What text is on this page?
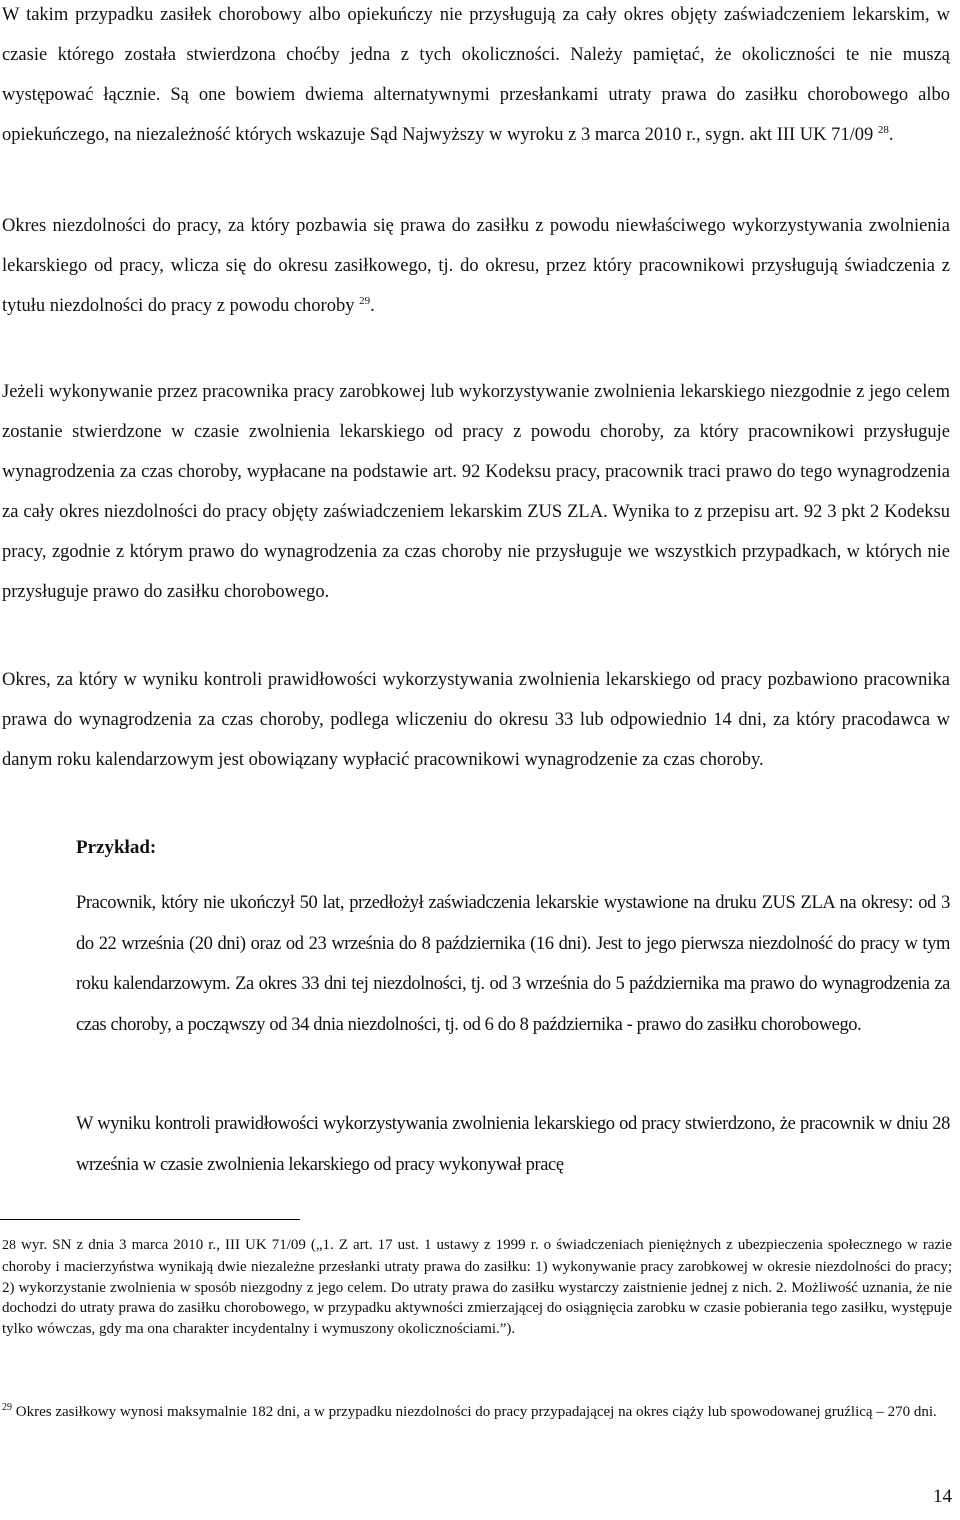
W takim przypadku zasiłek chorobowy albo opiekuńczy nie przysługują za cały okres objęty zaświadczeniem lekarskim, w czasie którego została stwierdzona choćby jedna z tych okoliczności. Należy pamiętać, że okoliczności te nie muszą występować łącznie. Są one bowiem dwiema alternatywnymi przesłankami utraty prawa do zasiłku chorobowego albo opiekuńczego, na niezależność których wskazuje Sąd Najwyższy w wyroku z 3 marca 2010 r., sygn. akt III UK 71/09 $^{28}$.

Okres niezdolności do pracy, za który pozbawia się prawa do zasiłku z powodu niewłaściwego wykorzystywania zwolnienia lekarskiego od pracy, wlicza się do okresu zasiłkowego, tj. do okresu, przez który pracownikowi przysługują świadczenia z tytułu niezdolności do pracy z powodu choroby $^{29}$.

Jeżeli wykonywanie przez pracownika pracy zarobkowej lub wykorzystywanie zwolnienia lekarskiego niezgodnie z jego celem zostanie stwierdzone w czasie zwolnienia lekarskiego od pracy z powodu choroby, za który pracownikowi przysługuje wynagrodzenia za czas choroby, wypłacane na podstawie art. 92 Kodeksu pracy, pracownik traci prawo do tego wynagrodzenia za cały okres niezdolności do pracy objęty zaświadczeniem lekarskim ZUS ZLA. Wynika to z przepisu art. 92 3 pkt 2 Kodeksu pracy, zgodnie z którym prawo do wynagrodzenia za czas choroby nie przysługuje we wszystkich przypadkach, w których nie przysługuje prawo do zasiłku chorobowego.

Okres, za który w wyniku kontroli prawidłowości wykorzystywania zwolnienia lekarskiego od pracy pozbawiono pracownika prawa do wynagrodzenia za czas choroby, podlega wliczeniu do okresu 33 lub odpowiednio 14 dni, za który pracodawca w danym roku kalendarzowym jest obowiązany wypłacić pracownikowi wynagrodzenie za czas choroby.

Przykład:

Pracownik, który nie ukończył 50 lat, przedłożył zaświadczenia lekarskie wystawione na druku ZUS ZLA na okresy: od 3 do 22 września (20 dni) oraz od 23 września do 8 października (16 dni). Jest to jego pierwsza niezdolność do pracy w tym roku kalendarzowym. Za okres 33 dni tej niezdolności, tj. od 3 września do 5 października ma prawo do wynagrodzenia za czas choroby, a począwszy od 34 dnia niezdolności, tj. od 6 do 8 października - prawo do zasiłku chorobowego.

W wyniku kontroli prawidłowości wykorzystywania zwolnienia lekarskiego od pracy stwierdzono, że pracownik w dniu 28 września w czasie zwolnienia lekarskiego od pracy wykonywał pracę

28 wyr. SN z dnia 3 marca 2010 r., III UK 71/09 („1. Z art. 17 ust. 1 ustawy z 1999 r. o świadczeniach pieniężnych z ubezpieczenia społecznego w razie choroby i macierzyństwa wynikają dwie niezależne przesłanki utraty prawa do zasiłku: 1) wykonywanie pracy zarobkowej w okresie niezdolności do pracy; 2) wykorzystanie zwolnienia w sposób niezgodny z jego celem. Do utraty prawa do zasiłku wystarczy zaistnienie jednej z nich. 2. Możliwość uznania, że nie dochodzi do utraty prawa do zasiłku chorobowego, w przypadku aktywności zmierzającej do osiągnięcia zarobku w czasie pobierania tego zasiłku, występuje tylko wówczas, gdy ma ona charakter incydentalny i wymuszony okolicznościami.”).

$^{29}$ Okres zasiłkowy wynosi maksymalnie 182 dni, a w przypadku niezdolności do pracy przypadającej na okres ciąży lub spowodowanej gruźlicą – 270 dni.

14
